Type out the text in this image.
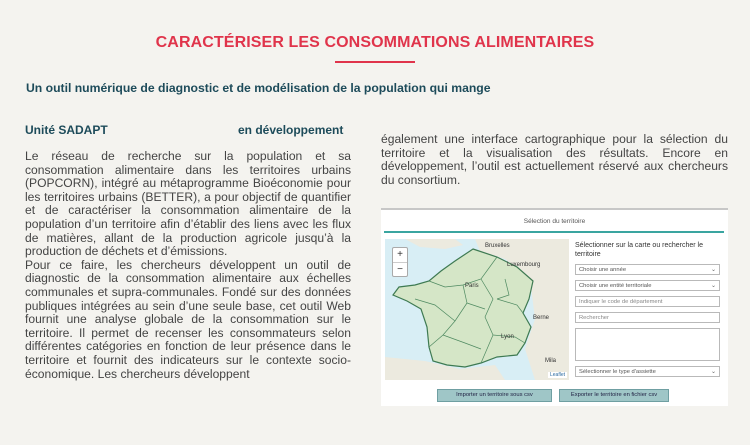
CARACTÉRISER LES CONSOMMATIONS ALIMENTAIRES
Un outil numérique de diagnostic et de modélisation de la population qui mange
Unité SADAPT	en développement

Le réseau de recherche sur la population et sa consommation alimentaire dans les territoires urbains (POPCORN), intégré au métaprogramme Bioéconomie pour les territoires urbains (BETTER), a pour objectif de quantifier et de caractériser la consommation alimentaire de la population d’un territoire afin d’établir des liens avec les flux de matières, allant de la production agricole jusqu’à la production de déchets et d’émissions.

Pour ce faire, les chercheurs développent un outil de diagnostic de la consommation alimentaire aux échelles communales et supra-communales. Fondé sur des données publiques intégrées au sein d’une seule base, cet outil Web fournit une analyse globale de la consommation sur le territoire. Il permet de recenser les consommateurs selon différentes catégories en fonction de leur présence dans le territoire et fournit des indicateurs sur le contexte socio-économique. Les chercheurs développent

également une interface cartographique pour la sélection du territoire et la visualisation des résultats. Encore en développement, l’outil est actuellement réservé aux chercheurs du consortium.

Sélection du territoire
Bruxelles
Luxembourg
Paris
Berne
Lyon
Mila
+
−
Leaflet
Sélectionner sur la carte ou rechercher le territoire
Choisir une année	⌄
Choisir une entité territoriale	⌄
Indiquer le code de département
Rechercher
Sélectionner le type d'assiette	⌄
Importer un territoire sous csv	Exporter le territoire en fichier csv
